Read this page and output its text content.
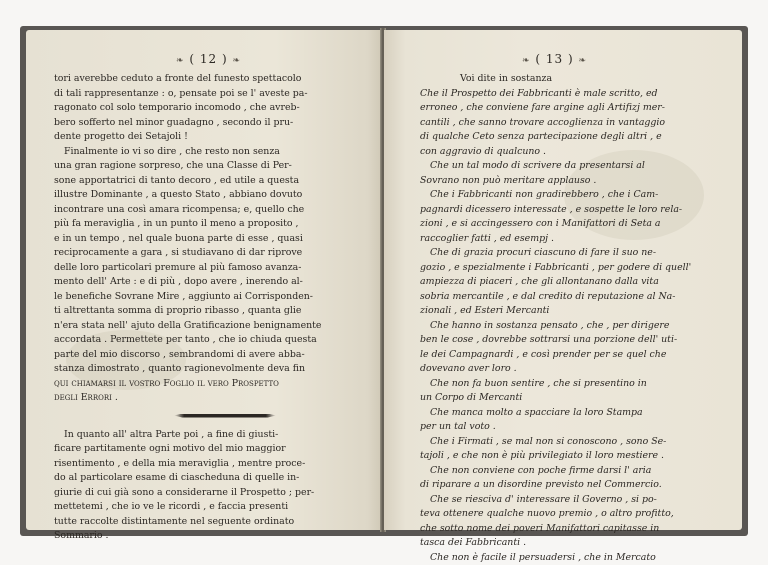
❧ ( 12 ) ❧
tori averebbe ceduto a fronte del funesto spettacolo
di tali rappresentanze : o, pensate poi se l' aveste pa-
ragonato col solo temporario incomodo , che avreb-
bero sofferto nel minor guadagno , secondo il pru-
dente progetto dei Setajoli !
Finalmente io vi so dire , che resto non senza
una gran ragione sorpreso, che una Classe di Per-
sone apportatrici di tanto decoro , ed utile a questa
illustre Dominante , a questo Stato , abbiano dovuto
incontrare una così amara ricompensa; e, quello che
più fa meraviglia , in un punto il meno a proposito ,
e in un tempo , nel quale buona parte di esse , quasi
reciprocamente a gara , si studiavano di dar riprove
delle loro particolari premure al più famoso avanza-
mento dell' Arte : e di più , dopo avere , inerendo al-
le benefiche Sovrane Mire , aggiunto ai Corrisponden-
ti altrettanta somma di proprio ribasso , quanta glie
n'era stata nell' ajuto della Gratificazione benignamente
accordata . Permettete per tanto , che io chiuda questa
parte del mio discorso , sembrandomi di avere abba-
stanza dimostrato , quanto ragionevolmente deva fin
qui chiamarsi il vostro Foglio il vero Prospetto
degli Errori .
In quanto all' altra Parte poi , a fine di giusti-
ficare partitamente ogni motivo del mio maggior
risentimento , e della mia meraviglia , mentre proce-
do al particolare esame di ciascheduna di quelle in-
giurie di cui già sono a considerarne il Prospetto ; per-
mettetemi , che io ve le ricordi , e faccia presenti
tutte raccolte distintamente nel seguente ordinato
Sommario .
❧ ( 13 ) ❧
Voi dite in sostanza
Che il Prospetto dei Fabbricanti è male scritto, ed
erroneo , che conviene fare argine agli Artifizj mer-
cantili , che sanno trovare accoglienza in vantaggio
di qualche Ceto senza partecipazione degli altri , e
con aggravio di qualcuno .
Che un tal modo di scrivere da presentarsi al
Sovrano non può meritare applauso .
Che i Fabbricanti non gradirebbero , che i Cam-
pagnardi dicessero interessate , e sospette le loro rela-
zioni , e si accingessero con i Manifattori di Seta a
raccoglier fatti , ed esempj .
Che di grazia procuri ciascuno di fare il suo ne-
gozio , e spezialmente i Fabbricanti , per godere di quell'
ampiezza di piaceri , che gli allontanano dalla vita
sobria mercantile , e dal credito di reputazione al Na-
zionali , ed Esteri Mercanti
Che hanno in sostanza pensato , che , per dirigere
ben le cose , dovrebbe sottrarsi una porzione dell' uti-
le dei Campagnardi , e così prender per se quel che
dovevano aver loro .
Che non fa buon sentire , che si presentino in
un Corpo di Mercanti
Che manca molto a spacciare la loro Stampa
per un tal voto .
Che i Firmati , se mal non si conoscono , sono Se-
tajoli , e che non è più privilegiato il loro mestiere .
Che non conviene con poche firme darsi l' aria
di riparare a un disordine previsto nel Commercio.
Che se riesciva d' interessare il Governo , si po-
teva ottenere qualche nuovo premio , o altro profitto,
che sotto nome dei poveri Manifattori capitasse in
tasca dei Fabbricanti .
Che non è facile il persuadersi , che in Mercato
